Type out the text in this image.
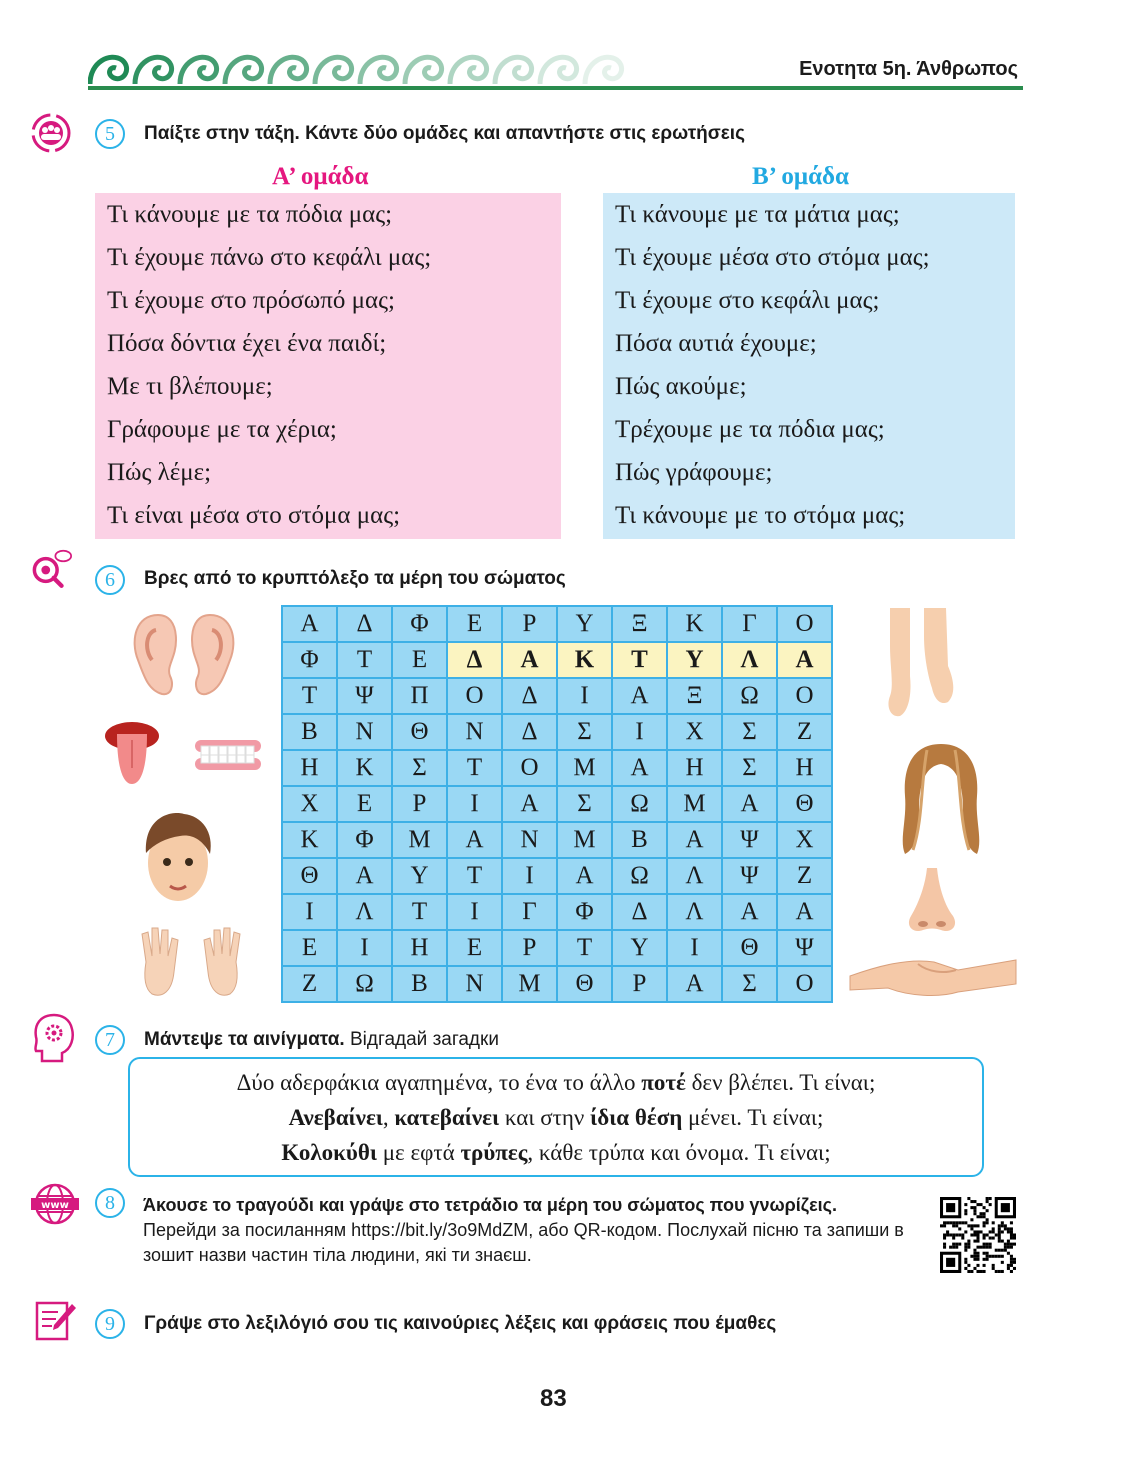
Ενοτητα 5η. Άνθρωπος
5	Παίξτε στην τάξη. Κάντε δύο ομάδες και απαντήστε στις ερωτήσεις
Α’ ομάδα	Β’ ομάδα
Τι κάνουμε με τα πόδια μας;
Τι έχουμε πάνω στο κεφάλι μας;
Τι έχουμε στο πρόσωπό μας;
Πόσα δόντια έχει ένα παιδί;
Με τι βλέπουμε;
Γράφουμε με τα χέρια;
Πώς λέμε;
Τι είναι μέσα στο στόμα μας;
Τι κάνουμε με τα μάτια μας;
Τι έχουμε μέσα στο στόμα μας;
Τι έχουμε στο κεφάλι μας;
Πόσα αυτιά έχουμε;
Πώς ακούμε;
Τρέχουμε με τα πόδια μας;
Πώς γράφουμε;
Τι κάνουμε με το στόμα μας;
6	Βρες από το κρυπτόλεξο τα μέρη του σώματος
Α	Δ	Φ	Ε	Ρ	Υ	Ξ	Κ	Γ	Ο
Φ	Τ	Ε	Δ	Α	Κ	Τ	Υ	Λ	Α
Τ	Ψ	Π	Ο	Δ	Ι	Α	Ξ	Ω	Ο
Β	Ν	Θ	Ν	Δ	Σ	Ι	Χ	Σ	Ζ
Η	Κ	Σ	Τ	Ο	Μ	Α	Η	Σ	Η
Χ	Ε	Ρ	Ι	Α	Σ	Ω	Μ	Α	Θ
Κ	Φ	Μ	Α	Ν	Μ	Β	Α	Ψ	Χ
Θ	Α	Υ	Τ	Ι	Α	Ω	Λ	Ψ	Ζ
Ι	Λ	Τ	Ι	Γ	Φ	Δ	Λ	Α	Α
Ε	Ι	Η	Ε	Ρ	Τ	Υ	Ι	Θ	Ψ
Ζ	Ω	Β	Ν	Μ	Θ	Ρ	Α	Σ	Ο
7	Μάντεψε τα αινίγματα. Відгадай загадки
Δύο αδερφάκια αγαπημένα, το ένα το άλλο ποτέ δεν βλέπει. Τι είναι;
Ανεβαίνει, κατεβαίνει και στην ίδια θέση μένει. Τι είναι;
Κολοκύθι με εφτά τρύπες, κάθε τρύπα και όνομα. Τι είναι;
www	8	Άκουσε το τραγούδι και γράψε στο τετράδιο τα μέρη του σώματος που γνωρίζεις. Перейди за посиланням https://bit.ly/3o9MdZM, або QR-кодом. Послухай пісню та запиши в зошит назви частин тіла людини, які ти знаєш.
9	Γράψε στο λεξιλόγιό σου τις καινούριες λέξεις και φράσεις που έμαθες
83
